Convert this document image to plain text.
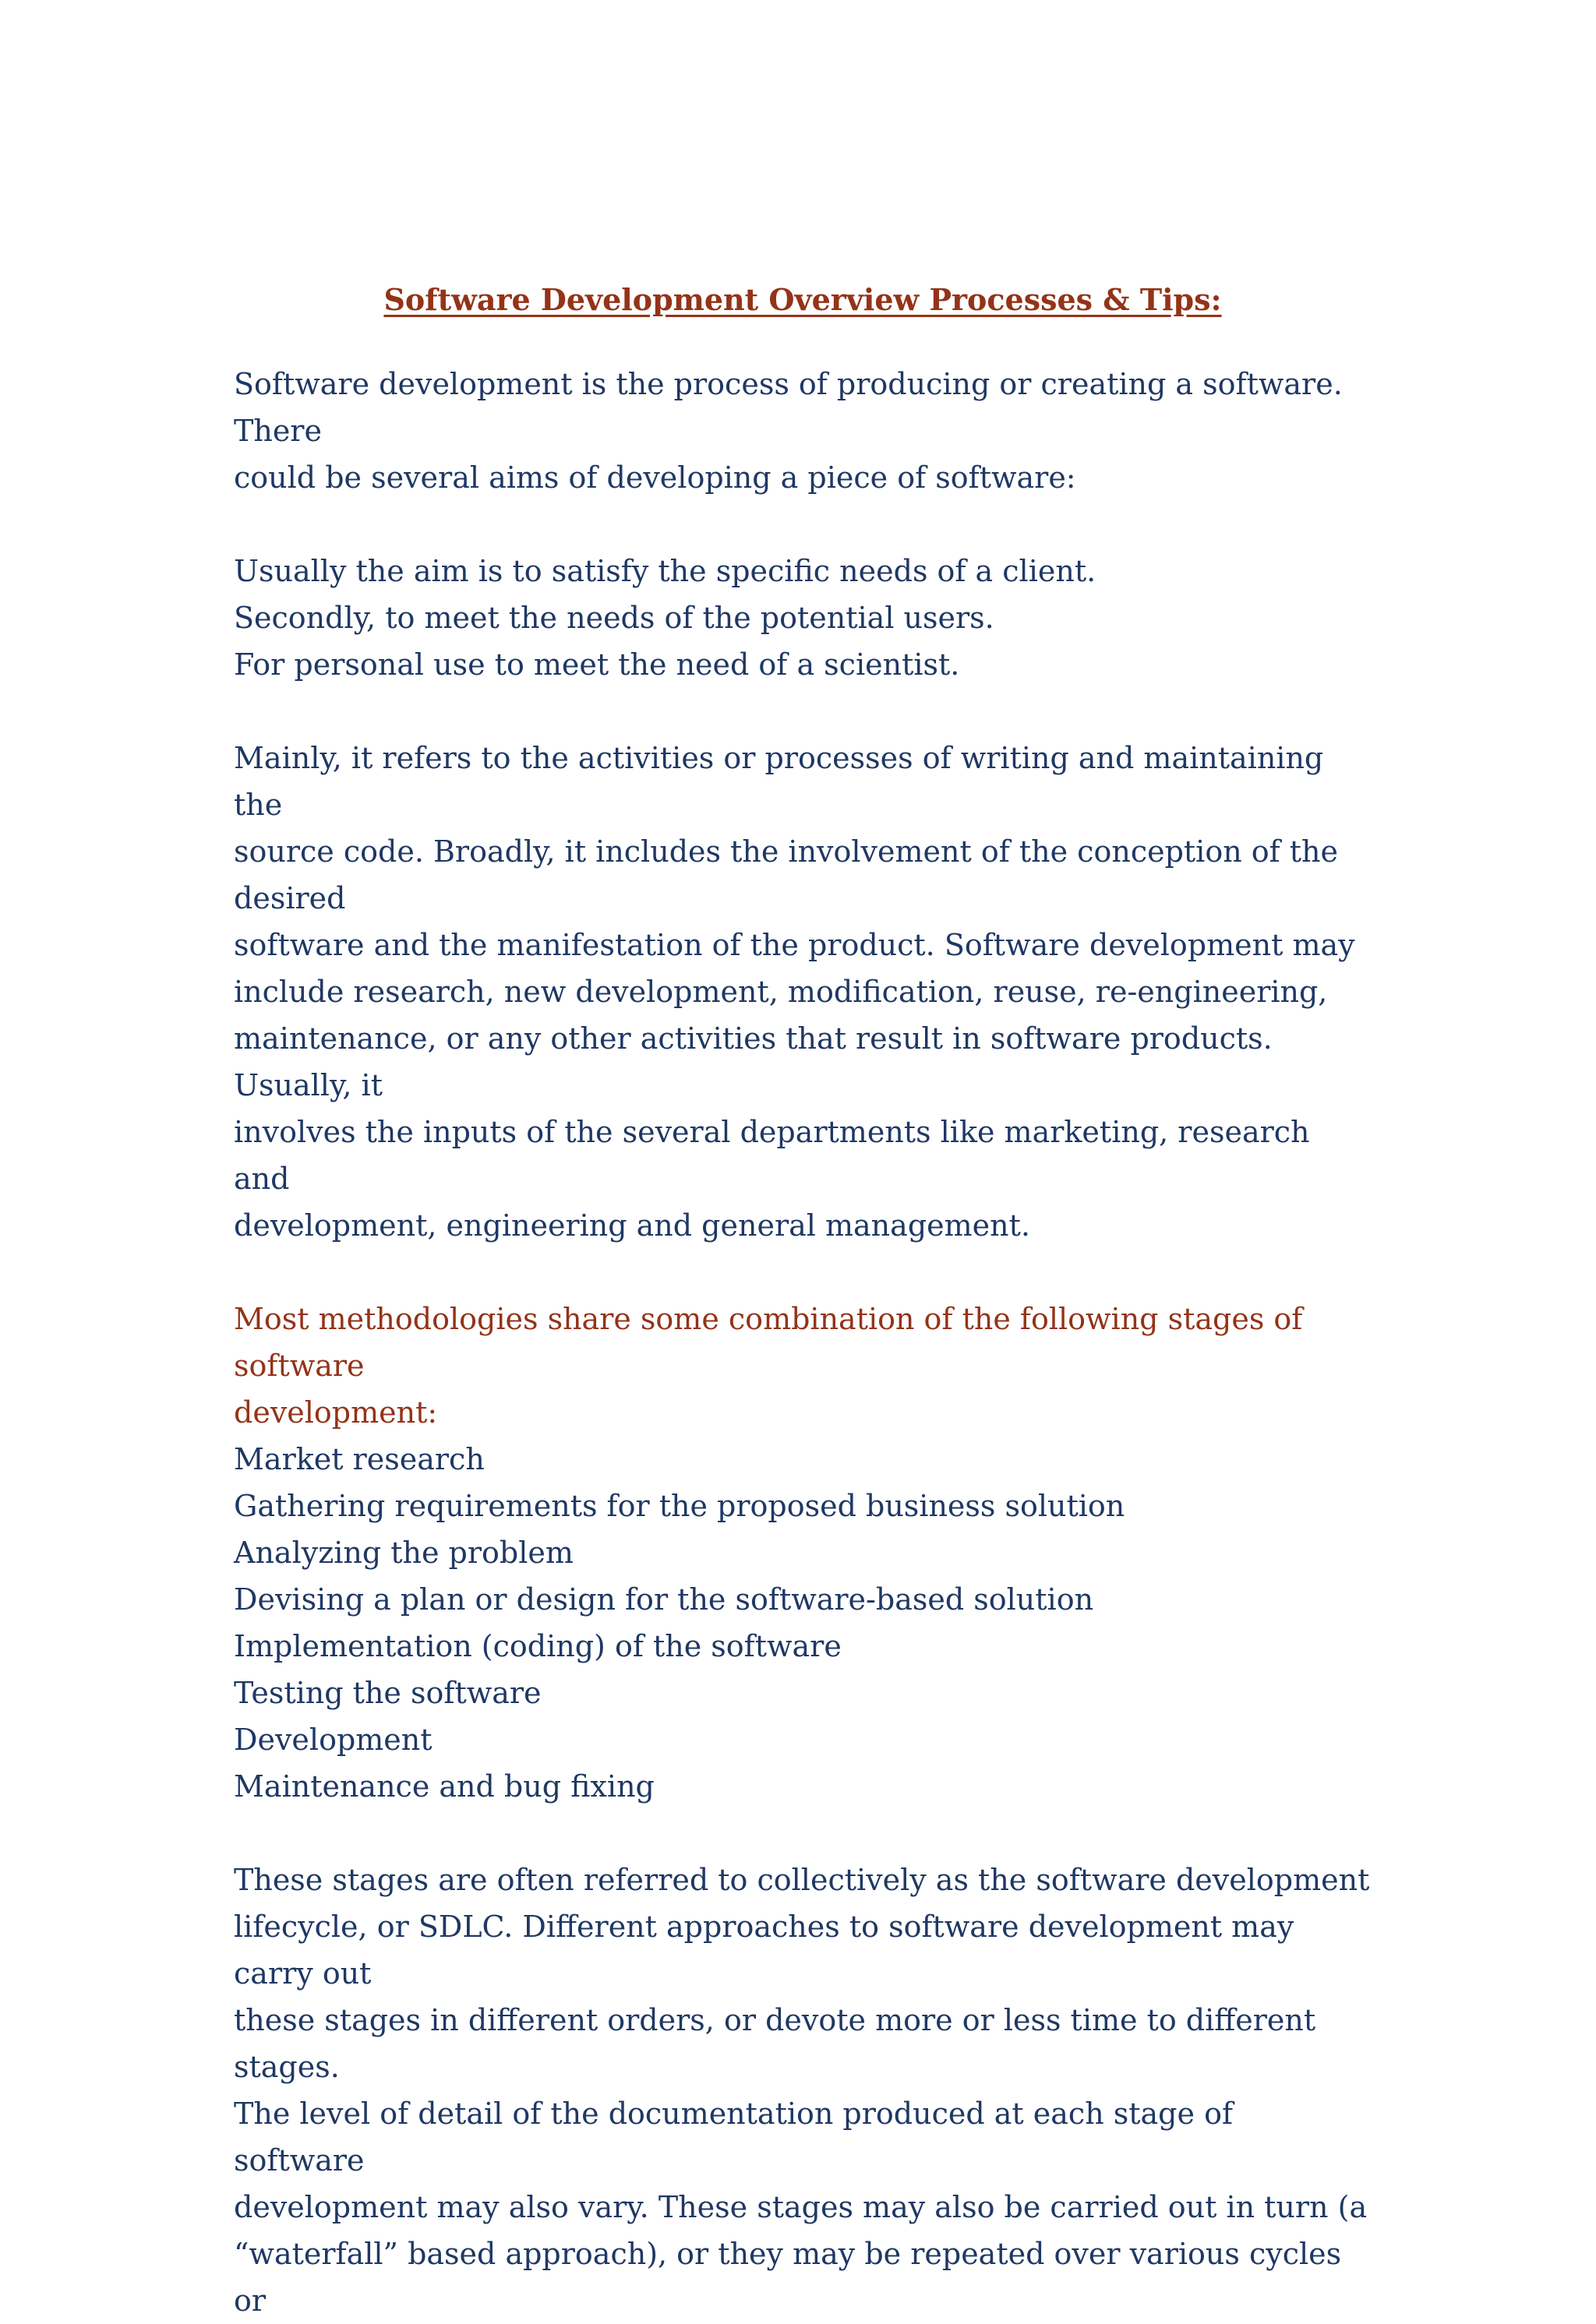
Software Development Overview Processes & Tips:

Software development is the process of producing or creating a software. There
could be several aims of developing a piece of software:

Usually the aim is to satisfy the specific needs of a client.
Secondly, to meet the needs of the potential users.
For personal use to meet the need of a scientist.

Mainly, it refers to the activities or processes of writing and maintaining the
source code. Broadly, it includes the involvement of the conception of the desired
software and the manifestation of the product. Software development may
include research, new development, modification, reuse, re-engineering,
maintenance, or any other activities that result in software products. Usually, it
involves the inputs of the several departments like marketing, research and
development, engineering and general management.

Most methodologies share some combination of the following stages of software
development:

Market research
Gathering requirements for the proposed business solution
Analyzing the problem
Devising a plan or design for the software-based solution
Implementation (coding) of the software
Testing the software
Development
Maintenance and bug fixing

These stages are often referred to collectively as the software development
lifecycle, or SDLC. Different approaches to software development may carry out
these stages in different orders, or devote more or less time to different stages.
The level of detail of the documentation produced at each stage of software
development may also vary. These stages may also be carried out in turn (a
“waterfall” based approach), or they may be repeated over various cycles or
